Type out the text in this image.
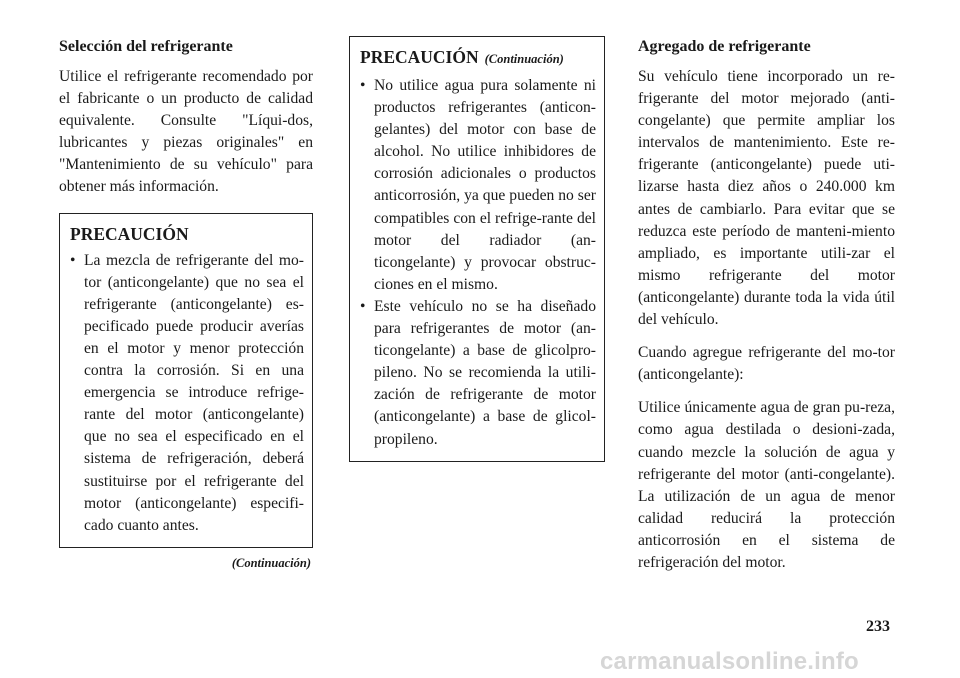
Selección del refrigerante

Utilice el refrigerante recomendado por el fabricante o un producto de calidad equivalente. Consulte "Líqui-dos, lubricantes y piezas originales" en "Mantenimiento de su vehículo" para obtener más información.

PRECAUCIÓN

• La mezcla de refrigerante del mo-tor (anticongelante) que no sea el refrigerante (anticongelante) es-pecificado puede producir averías en el motor y menor protección contra la corrosión. Si en una emergencia se introduce refrige-rante del motor (anticongelante) que no sea el especificado en el sistema de refrigeración, deberá sustituirse por el refrigerante del motor (anticongelante) especifi-cado cuanto antes.

(Continuación)
PRECAUCIÓN (Continuación)

• No utilice agua pura solamente ni productos refrigerantes (anticon-gelantes) del motor con base de alcohol. No utilice inhibidores de corrosión adicionales o productos anticorrosión, ya que pueden no ser compatibles con el refrige-rante del motor del radiador (an-ticongelante) y provocar obstruc-ciones en el mismo.

• Este vehículo no se ha diseñado para refrigerantes de motor (an-ticongelante) a base de glicolpro-pileno. No se recomienda la utili-zación de refrigerante de motor (anticongelante) a base de glicol-propileno.

Agregado de refrigerante

Su vehículo tiene incorporado un re-frigerante del motor mejorado (anti-congelante) que permite ampliar los intervalos de mantenimiento. Este re-frigerante (anticongelante) puede uti-lizarse hasta diez años o 240.000 km antes de cambiarlo. Para evitar que se reduzca este período de manteni-miento ampliado, es importante utili-zar el mismo refrigerante del motor (anticongelante) durante toda la vida útil del vehículo.

Cuando agregue refrigerante del mo-tor (anticongelante):

Utilice únicamente agua de gran pu-reza, como agua destilada o desioni-zada, cuando mezcle la solución de agua y refrigerante del motor (anti-congelante). La utilización de un agua de menor calidad reducirá la protección anticorrosión en el sistema de refrigeración del motor.

233
carmanualsonline.info
